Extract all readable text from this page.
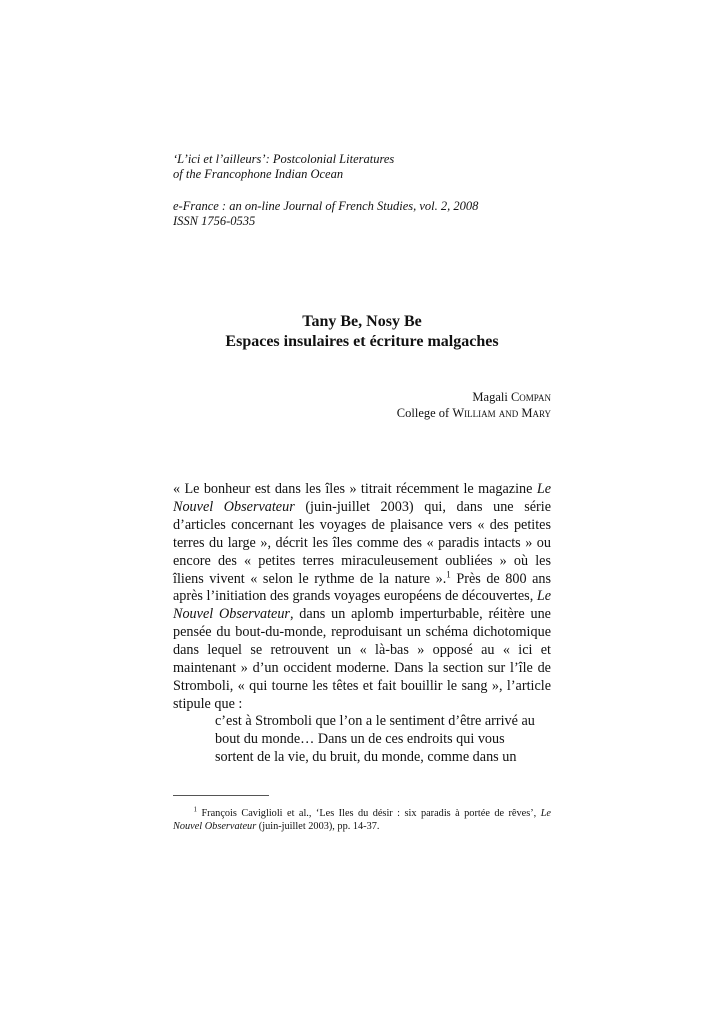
‘L’ici et l’ailleurs’: Postcolonial Literatures
of the Francophone Indian Ocean
e-France : an on-line Journal of French Studies, vol. 2, 2008
ISSN 1756-0535
Tany Be, Nosy Be
Espaces insulaires et écriture malgaches
Magali Compan
College of William and Mary

« Le bonheur est dans les îles » titrait récemment le magazine Le Nouvel Observateur (juin-juillet 2003) qui, dans une série d’articles concernant les voyages de plaisance vers « des petites terres du large », décrit les îles comme des « paradis intacts » ou encore des « petites terres miraculeusement oubliées » où les îliens vivent « selon le rythme de la nature ».$^1$ Près de 800 ans après l’initiation des grands voyages européens de découvertes, Le Nouvel Observateur, dans un aplomb imperturbable, réitère une pensée du bout-du-monde, reproduisant un schéma dichotomique dans lequel se retrouvent un « là-bas » opposé au « ici et maintenant » d’un occident moderne. Dans la section sur l’île de Stromboli, « qui tourne les têtes et fait bouillir le sang », l’article stipule que :

c’est à Stromboli que l’on a le sentiment d’être arrivé au
bout du monde… Dans un de ces endroits qui vous
sortent de la vie, du bruit, du monde, comme dans un
$^1$ François Caviglioli et al., ‘Les Iles du désir : six paradis à portée de rêves’, Le Nouvel Observateur (juin-juillet 2003), pp. 14-37.
